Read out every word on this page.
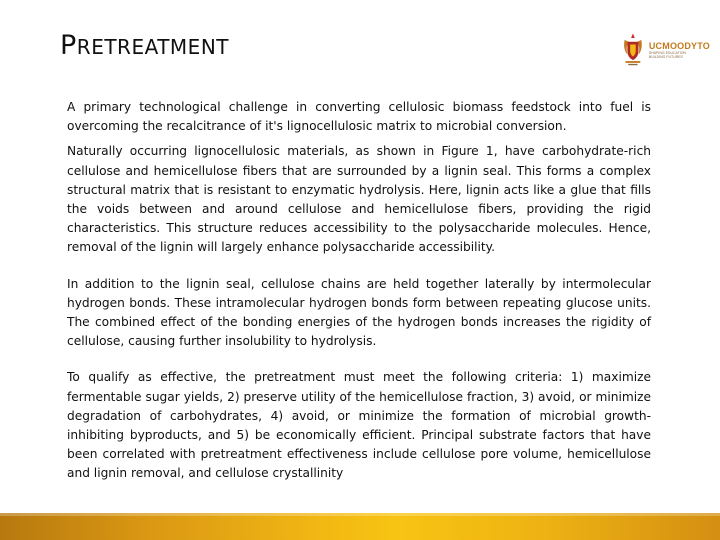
PRETREATMENT	UCMOODYTO
SHAPING EDUCATION
BUILDING FUTURES

A primary technological challenge in converting cellulosic biomass feedstock into fuel is overcoming the recalcitrance of it's lignocellulosic matrix to microbial conversion.

Naturally occurring lignocellulosic materials, as shown in Figure 1, have carbohydrate-rich cellulose and hemicellulose fibers that are surrounded by a lignin seal. This forms a complex structural matrix that is resistant to enzymatic hydrolysis. Here, lignin acts like a glue that fills the voids between and around cellulose and hemicellulose fibers, providing the rigid characteristics. This structure reduces accessibility to the polysaccharide molecules. Hence, removal of the lignin will largely enhance polysaccharide accessibility.

In addition to the lignin seal, cellulose chains are held together laterally by intermolecular hydrogen bonds. These intramolecular hydrogen bonds form between repeating glucose units. The combined effect of the bonding energies of the hydrogen bonds increases the rigidity of cellulose, causing further insolubility to hydrolysis.

To qualify as effective, the pretreatment must meet the following criteria: 1) maximize fermentable sugar yields, 2) preserve utility of the hemicellulose fraction, 3) avoid, or minimize degradation of carbohydrates, 4) avoid, or minimize the formation of microbial growth-inhibiting byproducts, and 5) be economically efficient. Principal substrate factors that have been correlated with pretreatment effectiveness include cellulose pore volume, hemicellulose and lignin removal, and cellulose crystallinity
